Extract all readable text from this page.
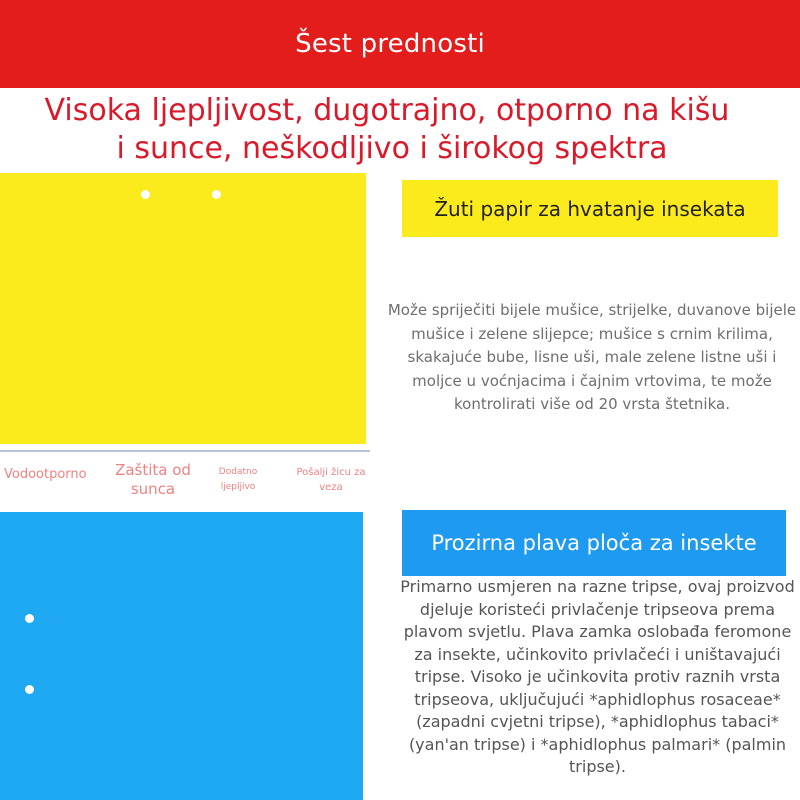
Šest prednosti
Visoka ljepljivost, dugotrajno, otporno na kišu
i sunce, neškodljivo i širokog spektra
Vodootporno	Zaštita od sunca
Dodatno ljepljivo
Pošalji žicu za veza
Žuti papir za hvatanje insekata
Može spriječiti bijele mušice, strijelke, duvanove bijele mušice i zelene slijepce; mušice s crnim krilima, skakajuće bube, lisne uši, male zelene listne uši i moljce u voćnjacima i čajnim vrtovima, te može kontrolirati više od 20 vrsta štetnika.
Prozirna plava ploča za insekte
Primarno usmjeren na razne tripse, ovaj proizvod djeluje koristeći privlačenje tripseova prema plavom svjetlu. Plava zamka oslobađa feromone za insekte, učinkovito privlačeći i uništavajući tripse. Visoko je učinkovita protiv raznih vrsta tripseova, uključujući *aphidlophus rosaceae* (zapadni cvjetni tripse), *aphidlophus tabaci* (yan'an tripse) i *aphidlophus palmari* (palmin tripse).
